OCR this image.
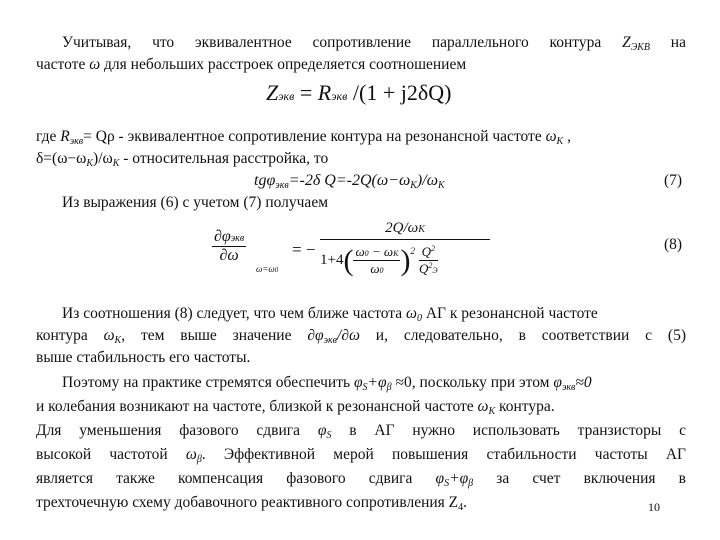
Учитывая, что эквивалентное сопротивление параллельного контура $Z_{ЭКВ}$ на
частоте ω для небольших расстроек определяется соотношением
Zэкв = Rэкв /(1 + j2δQ)
где $R_{экв}= Q\rho$ - эквивалентное сопротивление контура на резонансной частоте $\omega_K$ ,
$\delta=(\omega-\omega_K)/\omega_K$ - относительная расстройка, то
tgφ$_{экв}$=-2δ $Q=-2Q(\omega-\omega_K)/\omega_K$	(7)
Из выражения (6) с учетом (7) получаем
$\frac{\text{∂φэкв}}{\partial\omega}$
ω=ω0
= −
2Q/ωK
1+4 ( $\frac{\omega 0 - \omega K}{\omega 0}$ ) $2 \frac{Q^2}{Q^2Э}$	(8)
Из соотношения (8) следует, что чем ближе частота $\omega_0$ АГ к резонансной частоте
контура $\omega_K$, тем выше значение $\partial\varphi_{экв}/\partial\omega$ и, следовательно, в соответствии с (5)
выше стабильность его частоты.
Поэтому на практике стремятся обеспечить $\varphi_S+\varphi_\beta \approx 0$, поскольку при этом $\varphi_{экв}\approx 0$
и колебания возникают на частоте, близкой к резонансной частоте $\omega_K$ контура.
Для уменьшения фазового сдвига $\varphi_S$ в АГ нужно использовать транзисторы с
высокой частотой $\omega_\beta$. Эффективной мерой повышения стабильности частоты АГ
является также компенсация фазового сдвига $\varphi_S+\varphi_\beta$ за счет включения в
трехточечную схему добавочного реактивного сопротивления $Z_4$.	10
